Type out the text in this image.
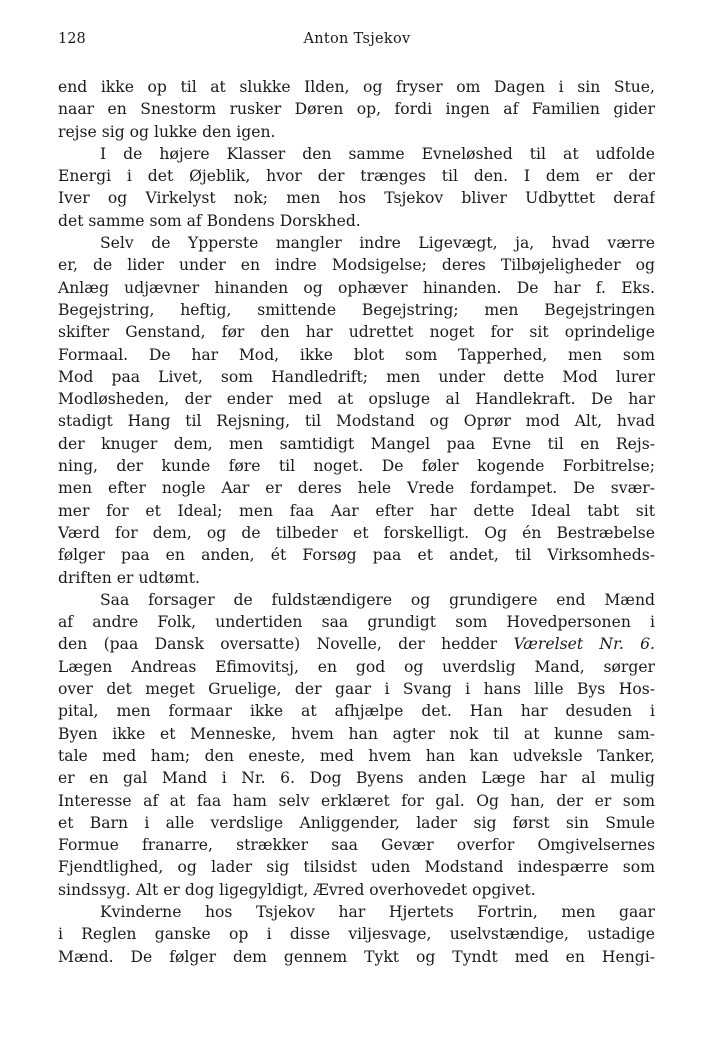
128	Anton Tsjekov
end ikke op til at slukke Ilden, og fryser om Dagen i sin Stue,
naar en Snestorm rusker Døren op, fordi ingen af Familien gider
rejse sig og lukke den igen.
I de højere Klasser den samme Evneløshed til at udfolde
Energi i det Øjeblik, hvor der trænges til den. I dem er der
Iver og Virkelyst nok; men hos Tsjekov bliver Udbyttet deraf
det samme som af Bondens Dorskhed.
Selv de Ypperste mangler indre Ligevægt, ja, hvad værre
er, de lider under en indre Modsigelse; deres Tilbøjeligheder og
Anlæg udjævner hinanden og ophæver hinanden. De har f. Eks.
Begejstring, heftig, smittende Begejstring; men Begejstringen
skifter Genstand, før den har udrettet noget for sit oprindelige
Formaal. De har Mod, ikke blot som Tapperhed, men som
Mod paa Livet, som Handledrift; men under dette Mod lurer
Modløsheden, der ender med at opsluge al Handlekraft. De har
stadigt Hang til Rejsning, til Modstand og Oprør mod Alt, hvad
der knuger dem, men samtidigt Mangel paa Evne til en Rejs-
ning, der kunde føre til noget. De føler kogende Forbitrelse;
men efter nogle Aar er deres hele Vrede fordampet. De svær-
mer for et Ideal; men faa Aar efter har dette Ideal tabt sit
Værd for dem, og de tilbeder et forskelligt. Og én Bestræbelse
følger paa en anden, ét Forsøg paa et andet, til Virksomheds-
driften er udtømt.
Saa forsager de fuldstændigere og grundigere end Mænd
af andre Folk, undertiden saa grundigt som Hovedpersonen i
den (paa Dansk oversatte) Novelle, der hedder Værelset Nr. 6.
Lægen Andreas Efimovitsj, en god og uverdslig Mand, sørger
over det meget Gruelige, der gaar i Svang i hans lille Bys Hos-
pital, men formaar ikke at afhjælpe det. Han har desuden i
Byen ikke et Menneske, hvem han agter nok til at kunne sam-
tale med ham; den eneste, med hvem han kan udveksle Tanker,
er en gal Mand i Nr. 6. Dog Byens anden Læge har al mulig
Interesse af at faa ham selv erklæret for gal. Og han, der er som
et Barn i alle verdslige Anliggender, lader sig først sin Smule
Formue franarre, strækker saa Gevær overfor Omgivelsernes
Fjendtlighed, og lader sig tilsidst uden Modstand indespærre som
sindssyg. Alt er dog ligegyldigt, Ævred overhovedet opgivet.
Kvinderne hos Tsjekov har Hjertets Fortrin, men gaar
i Reglen ganske op i disse viljesvage, uselvstændige, ustadige
Mænd. De følger dem gennem Tykt og Tyndt med en Hengi-
